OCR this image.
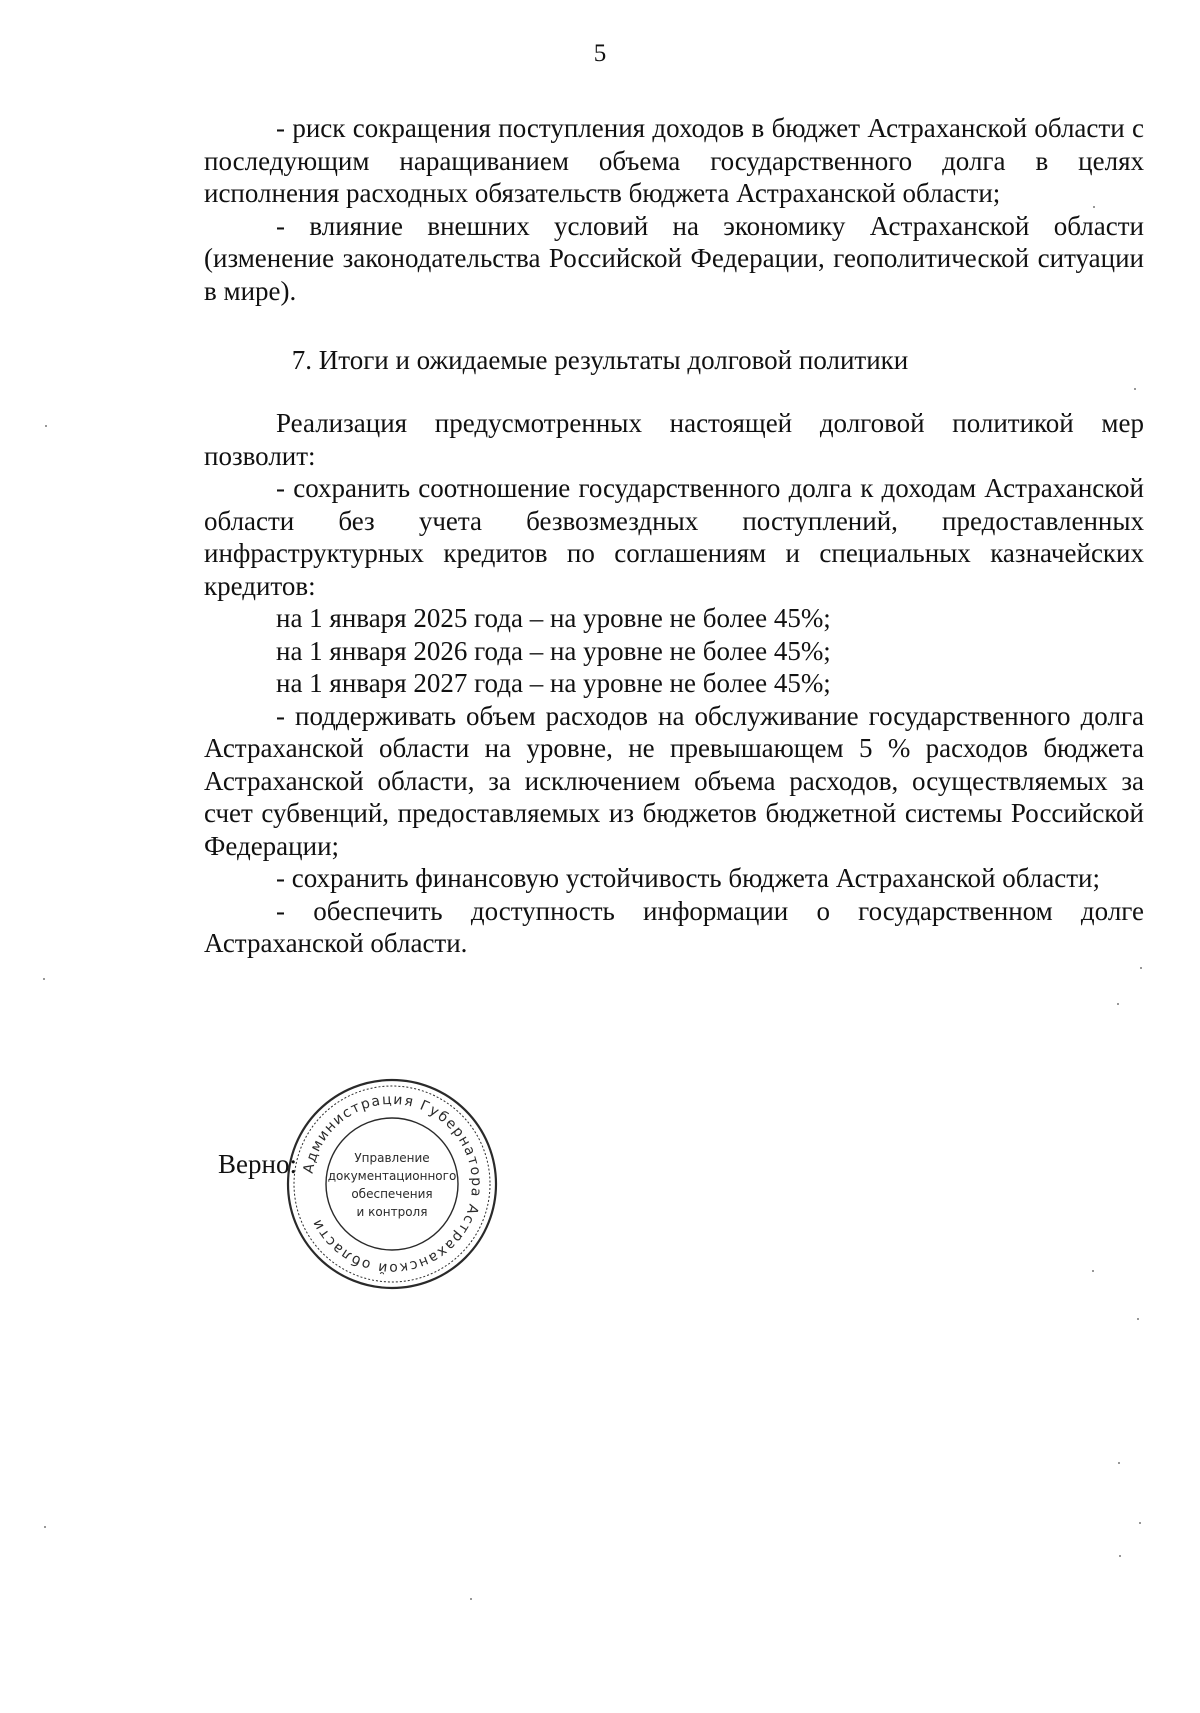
5

- риск сокращения поступления доходов в бюджет Астраханской области с последующим наращиванием объема государственного долга в целях исполнения расходных обязательств бюджета Астраханской области;

- влияние внешних условий на экономику Астраханской области (изменение законодательства Российской Федерации, геополитической ситуации в мире).

7. Итоги и ожидаемые результаты долговой политики

Реализация предусмотренных настоящей долговой политикой мер позволит:

- сохранить соотношение государственного долга к доходам Астраханской области без учета безвозмездных поступлений, предоставленных инфраструктурных кредитов по соглашениям и специальных казначейских кредитов:

на 1 января 2025 года – на уровне не более 45%;

на 1 января 2026 года – на уровне не более 45%;

на 1 января 2027 года – на уровне не более 45%;

- поддерживать объем расходов на обслуживание государственного долга Астраханской области на уровне, не превышающем 5 % расходов бюджета Астраханской области, за исключением объема расходов, осуществляемых за счет субвенций, предоставляемых из бюджетов бюджетной системы Российской Федерации;

- сохранить финансовую устойчивость бюджета Астраханской области;

- обеспечить доступность информации о государственном долге Астраханской области.

Верно: Администрация Губернатора Астраханской области
Управление
документационного
обеспечения
и контроля
